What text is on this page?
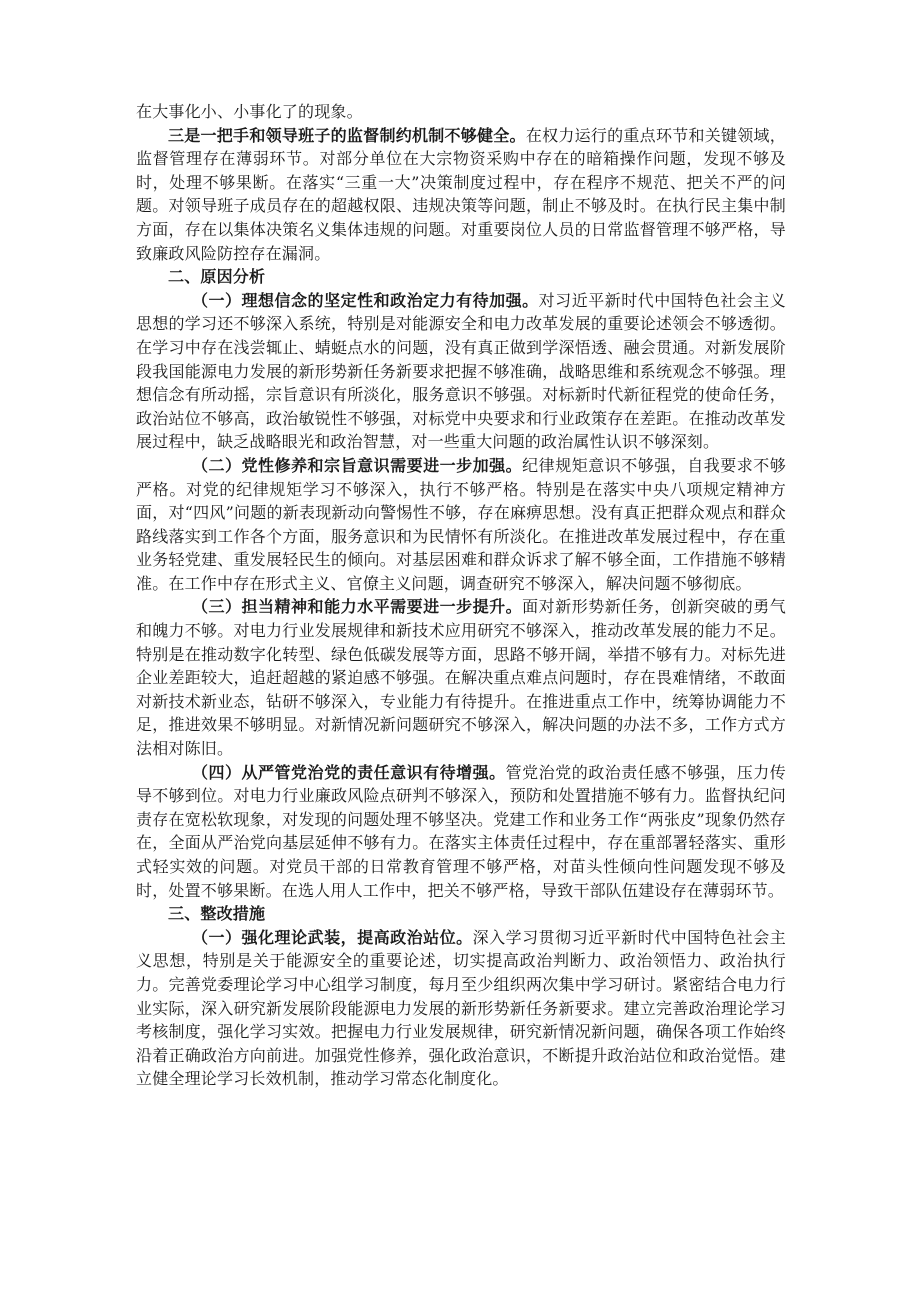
在大事化小、小事化了的现象。

三是一把手和领导班子的监督制约机制不够健全。在权力运行的重点环节和关键领域，监督管理存在薄弱环节。对部分单位在大宗物资采购中存在的暗箱操作问题，发现不够及时，处理不够果断。在落实“三重一大”决策制度过程中，存在程序不规范、把关不严的问题。对领导班子成员存在的超越权限、违规决策等问题，制止不够及时。在执行民主集中制方面，存在以集体决策名义集体违规的问题。对重要岗位人员的日常监督管理不够严格，导致廉政风险防控存在漏洞。

二、原因分析

（一）理想信念的坚定性和政治定力有待加强。对习近平新时代中国特色社会主义思想的学习还不够深入系统，特别是对能源安全和电力改革发展的重要论述领会不够透彻。在学习中存在浅尝辄止、蜻蜓点水的问题，没有真正做到学深悟透、融会贯通。对新发展阶段我国能源电力发展的新形势新任务新要求把握不够准确，战略思维和系统观念不够强。理想信念有所动摇，宗旨意识有所淡化，服务意识不够强。对标新时代新征程党的使命任务，政治站位不够高，政治敏锐性不够强，对标党中央要求和行业政策存在差距。在推动改革发展过程中，缺乏战略眼光和政治智慧，对一些重大问题的政治属性认识不够深刻。

（二）党性修养和宗旨意识需要进一步加强。纪律规矩意识不够强，自我要求不够严格。对党的纪律规矩学习不够深入，执行不够严格。特别是在落实中央八项规定精神方面，对“四风”问题的新表现新动向警惕性不够，存在麻痹思想。没有真正把群众观点和群众路线落实到工作各个方面，服务意识和为民情怀有所淡化。在推进改革发展过程中，存在重业务轻党建、重发展轻民生的倾向。对基层困难和群众诉求了解不够全面，工作措施不够精准。在工作中存在形式主义、官僚主义问题，调查研究不够深入，解决问题不够彻底。

（三）担当精神和能力水平需要进一步提升。面对新形势新任务，创新突破的勇气和魄力不够。对电力行业发展规律和新技术应用研究不够深入，推动改革发展的能力不足。特别是在推动数字化转型、绿色低碳发展等方面，思路不够开阔，举措不够有力。对标先进企业差距较大，追赶超越的紧迫感不够强。在解决重点难点问题时，存在畏难情绪，不敢面对新技术新业态，钻研不够深入，专业能力有待提升。在推进重点工作中，统筹协调能力不足，推进效果不够明显。对新情况新问题研究不够深入，解决问题的办法不多，工作方式方法相对陈旧。

（四）从严管党治党的责任意识有待增强。管党治党的政治责任感不够强，压力传导不够到位。对电力行业廉政风险点研判不够深入，预防和处置措施不够有力。监督执纪问责存在宽松软现象，对发现的问题处理不够坚决。党建工作和业务工作“两张皮”现象仍然存在，全面从严治党向基层延伸不够有力。在落实主体责任过程中，存在重部署轻落实、重形式轻实效的问题。对党员干部的日常教育管理不够严格，对苗头性倾向性问题发现不够及时，处置不够果断。在选人用人工作中，把关不够严格，导致干部队伍建设存在薄弱环节。

三、整改措施

（一）强化理论武装，提高政治站位。深入学习贯彻习近平新时代中国特色社会主义思想，特别是关于能源安全的重要论述，切实提高政治判断力、政治领悟力、政治执行力。完善党委理论学习中心组学习制度，每月至少组织两次集中学习研讨。紧密结合电力行业实际，深入研究新发展阶段能源电力发展的新形势新任务新要求。建立完善政治理论学习考核制度，强化学习实效。把握电力行业发展规律，研究新情况新问题，确保各项工作始终沿着正确政治方向前进。加强党性修养，强化政治意识，不断提升政治站位和政治觉悟。建立健全理论学习长效机制，推动学习常态化制度化。
